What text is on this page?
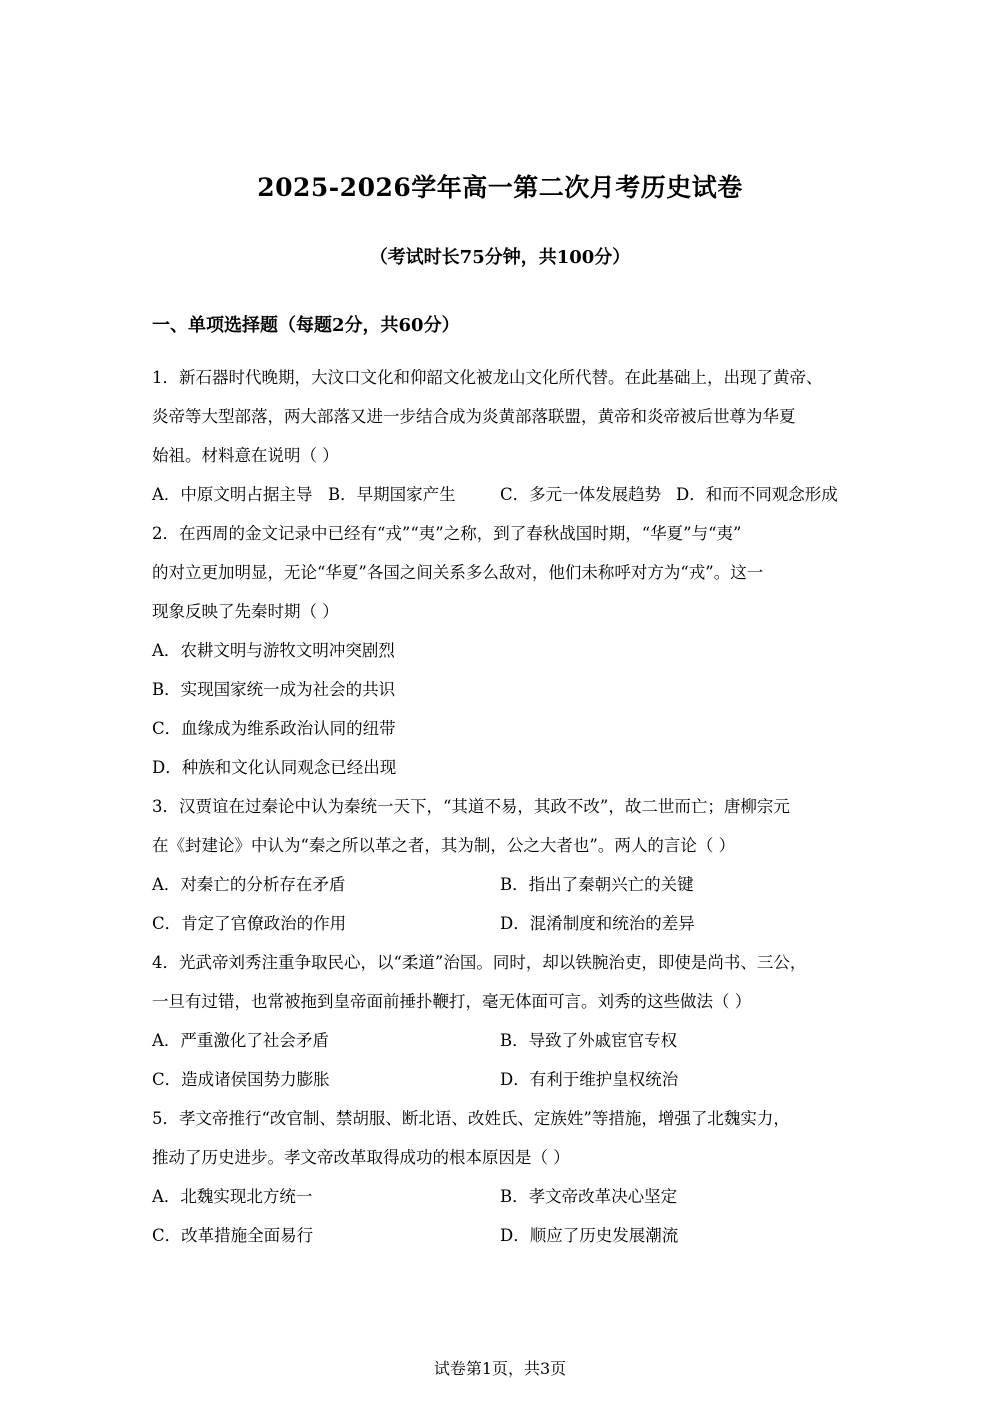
2025-2026学年高一第二次月考历史试卷
（考试时长75分钟，共100分）
一、单项选择题（每题2分，共60分）
1．新石器时代晚期，大汶口文化和仰韶文化被龙山文化所代替。在此基础上，出现了黄帝、
炎帝等大型部落，两大部落又进一步结合成为炎黄部落联盟，黄帝和炎帝被后世尊为华夏
始祖。材料意在说明（ ）
A．中原文明占据主导 B．早期国家产生	C．多元一体发展趋势 D．和而不同观念形成
2．在西周的金文记录中已经有“戎”“夷”之称，到了春秋战国时期，“华夏”与“夷”
的对立更加明显，无论“华夏”各国之间关系多么敌对，他们未称呼对方为“戎”。这一
现象反映了先秦时期（ ）
A．农耕文明与游牧文明冲突剧烈
B．实现国家统一成为社会的共识
C．血缘成为维系政治认同的纽带
D．种族和文化认同观念已经出现
3．汉贾谊在过秦论中认为秦统一天下，“其道不易，其政不改”，故二世而亡；唐柳宗元
在《封建论》中认为“秦之所以革之者，其为制，公之大者也”。两人的言论（ ）
A．对秦亡的分析存在矛盾	B．指出了秦朝兴亡的关键
C．肯定了官僚政治的作用	D．混淆制度和统治的差异
4．光武帝刘秀注重争取民心，以“柔道”治国。同时，却以铁腕治吏，即使是尚书、三公，
一旦有过错，也常被拖到皇帝面前捶扑鞭打，毫无体面可言。刘秀的这些做法（ ）
A．严重激化了社会矛盾	B．导致了外戚宦官专权
C．造成诸侯国势力膨胀	D．有利于维护皇权统治
5．孝文帝推行“改官制、禁胡服、断北语、改姓氏、定族姓”等措施，增强了北魏实力，
推动了历史进步。孝文帝改革取得成功的根本原因是（ ）
A．北魏实现北方统一	B．孝文帝改革决心坚定
C．改革措施全面易行	D．顺应了历史发展潮流
试卷第1页，共3页
